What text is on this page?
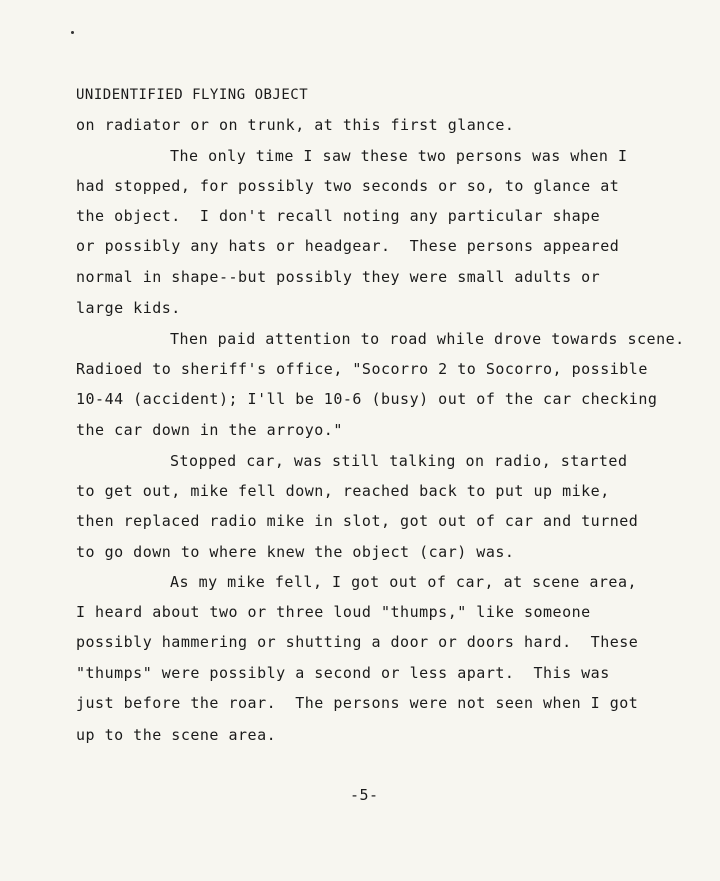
UNIDENTIFIED FLYING OBJECT
on radiator or on trunk, at this first glance.
The only time I saw these two persons was when I
had stopped, for possibly two seconds or so, to glance at
the object.  I don't recall noting any particular shape
or possibly any hats or headgear.  These persons appeared
normal in shape--but possibly they were small adults or
large kids.
Then paid attention to road while drove towards scene.
Radioed to sheriff's office, "Socorro 2 to Socorro, possible
10-44 (accident); I'll be 10-6 (busy) out of the car checking
the car down in the arroyo."
Stopped car, was still talking on radio, started
to get out, mike fell down, reached back to put up mike,
then replaced radio mike in slot, got out of car and turned
to go down to where knew the object (car) was.
As my mike fell, I got out of car, at scene area,
I heard about two or three loud "thumps," like someone
possibly hammering or shutting a door or doors hard.  These
"thumps" were possibly a second or less apart.  This was
just before the roar.  The persons were not seen when I got
up to the scene area.
-5-
